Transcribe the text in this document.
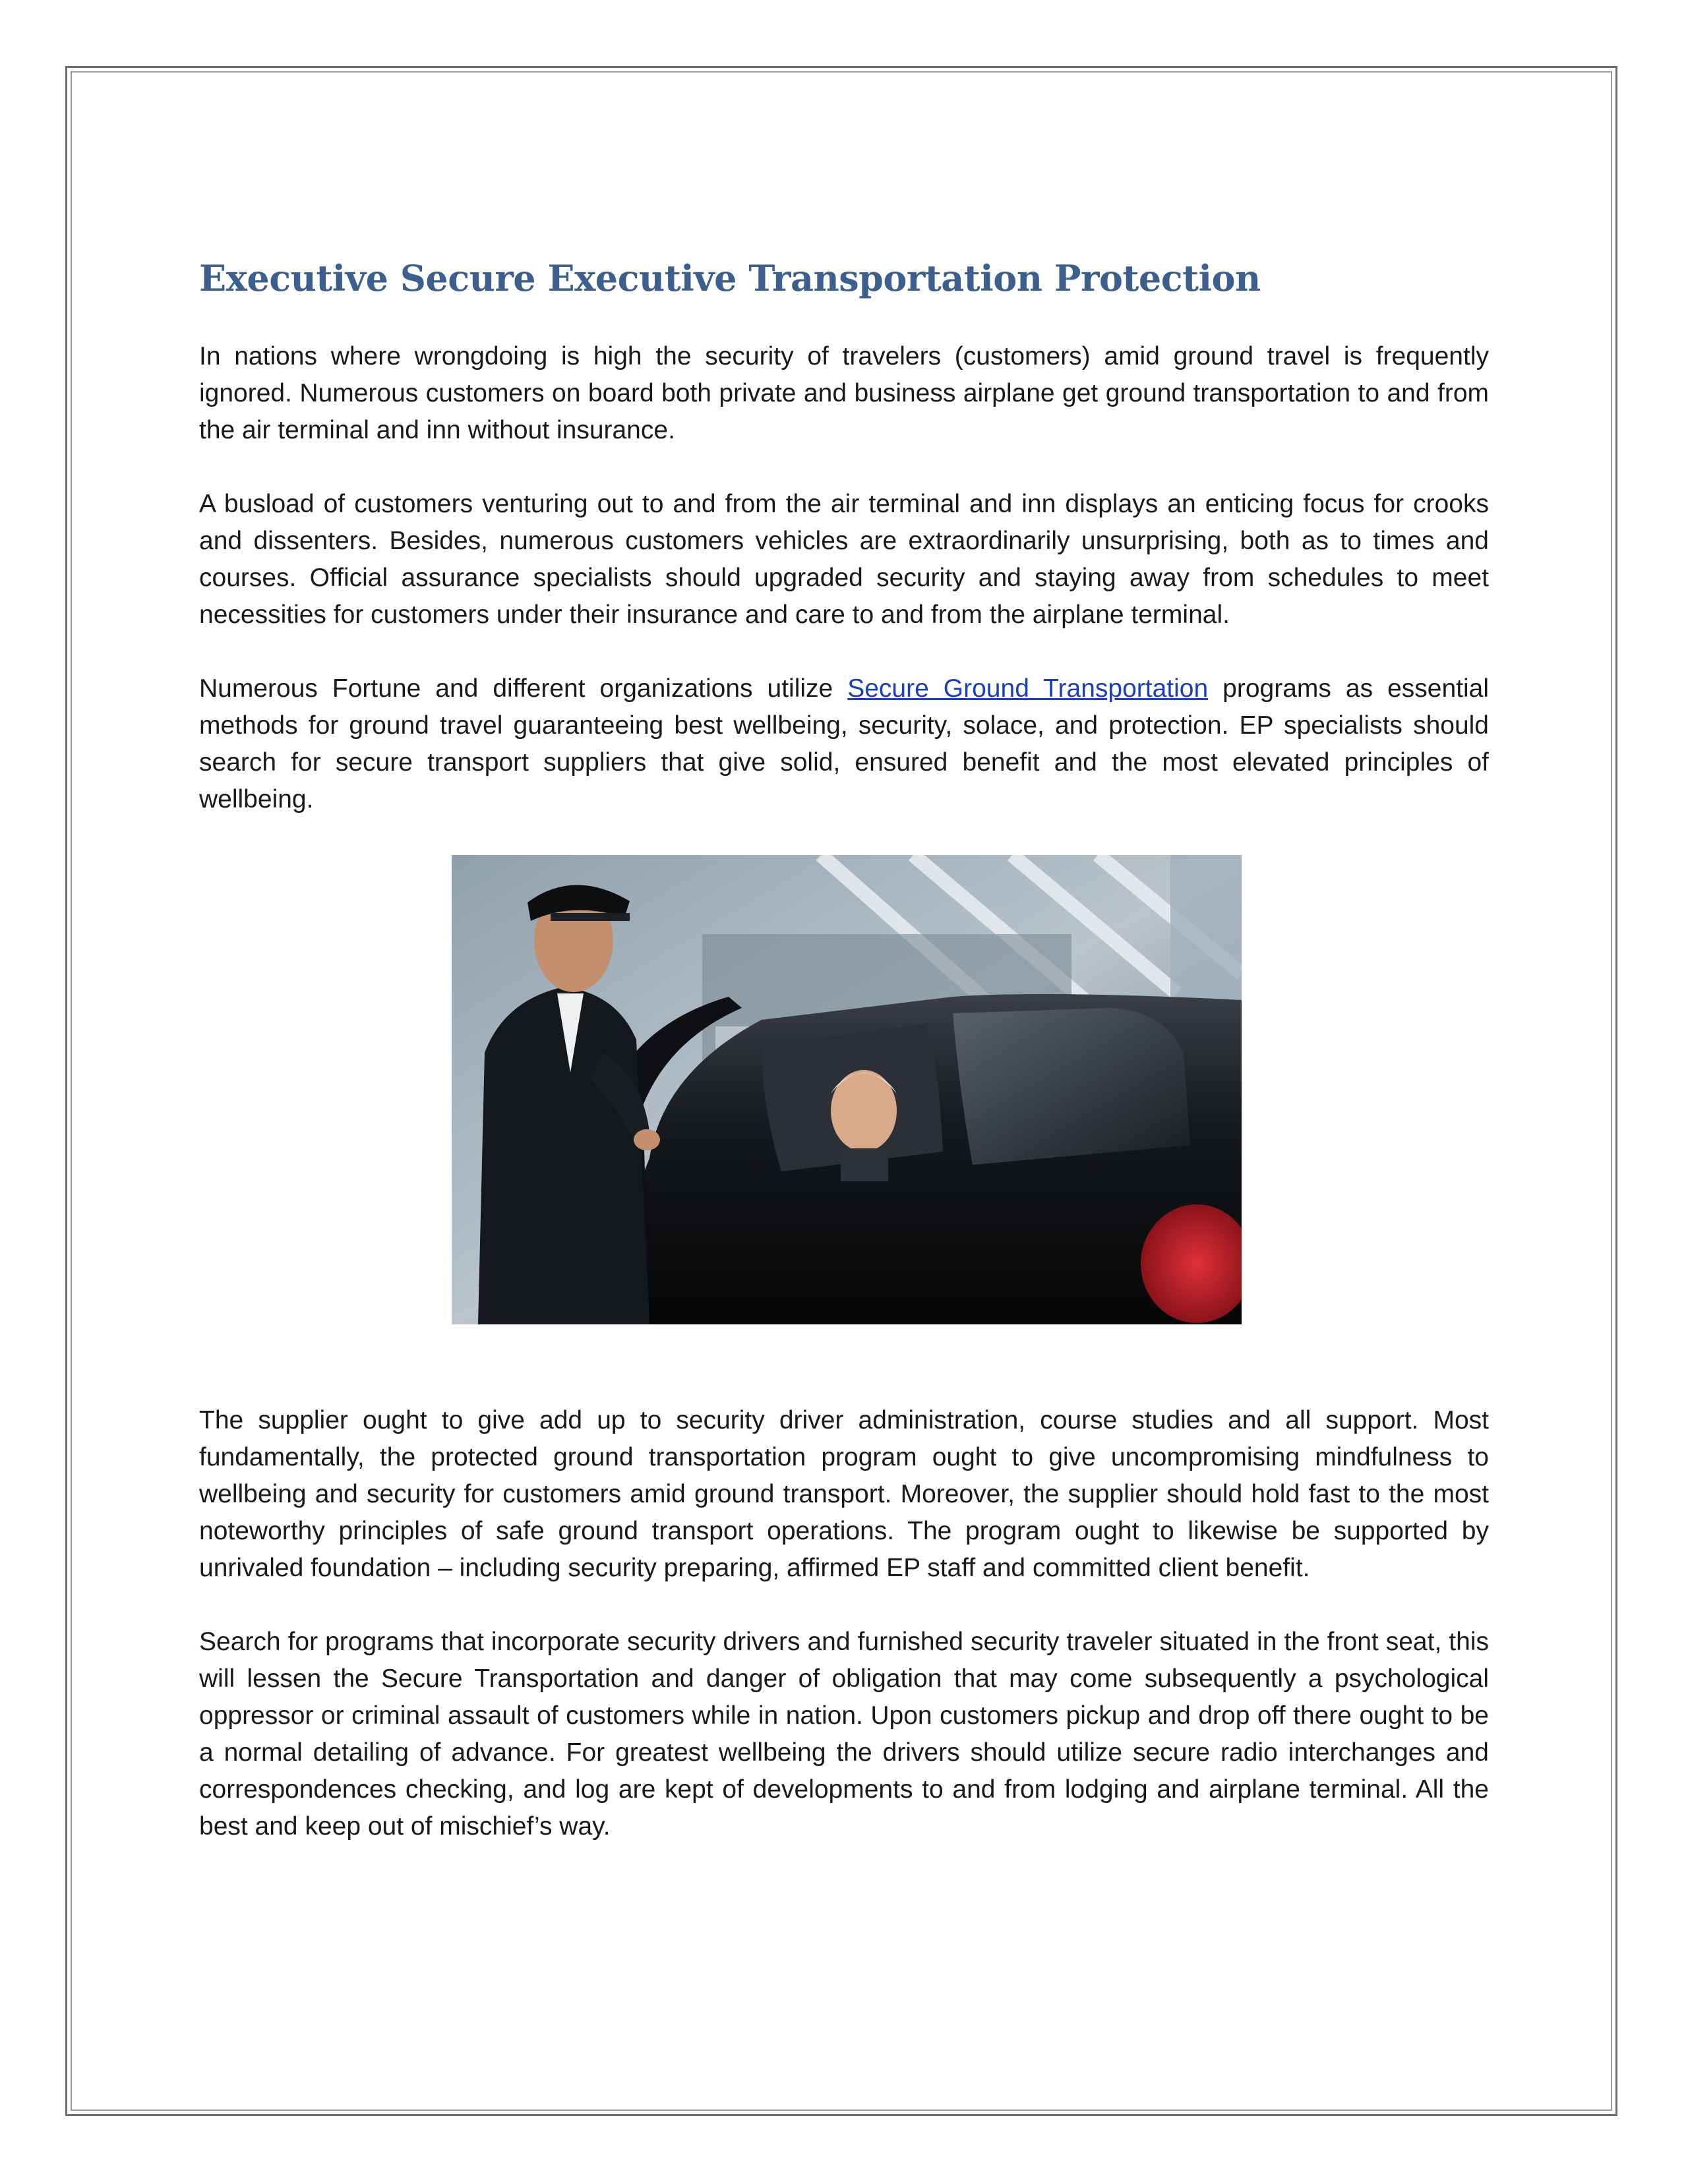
Executive Secure Executive Transportation Protection

In nations where wrongdoing is high the security of travelers (customers) amid ground travel is frequently ignored. Numerous customers on board both private and business airplane get ground transportation to and from the air terminal and inn without insurance.

A busload of customers venturing out to and from the air terminal and inn displays an enticing focus for crooks and dissenters. Besides, numerous customers vehicles are extraordinarily unsurprising, both as to times and courses. Official assurance specialists should upgraded security and staying away from schedules to meet necessities for customers under their insurance and care to and from the airplane terminal.

Numerous Fortune and different organizations utilize Secure Ground Transportation programs as essential methods for ground travel guaranteeing best wellbeing, security, solace, and protection. EP specialists should search for secure transport suppliers that give solid, ensured benefit and the most elevated principles of wellbeing.

The supplier ought to give add up to security driver administration, course studies and all support. Most fundamentally, the protected ground transportation program ought to give uncompromising mindfulness to wellbeing and security for customers amid ground transport. Moreover, the supplier should hold fast to the most noteworthy principles of safe ground transport operations. The program ought to likewise be supported by unrivaled foundation – including security preparing, affirmed EP staff and committed client benefit.

Search for programs that incorporate security drivers and furnished security traveler situated in the front seat, this will lessen the Secure Transportation and danger of obligation that may come subsequently a psychological oppressor or criminal assault of customers while in nation. Upon customers pickup and drop off there ought to be a normal detailing of advance. For greatest wellbeing the drivers should utilize secure radio interchanges and correspondences checking, and log are kept of developments to and from lodging and airplane terminal. All the best and keep out of mischief’s way.
